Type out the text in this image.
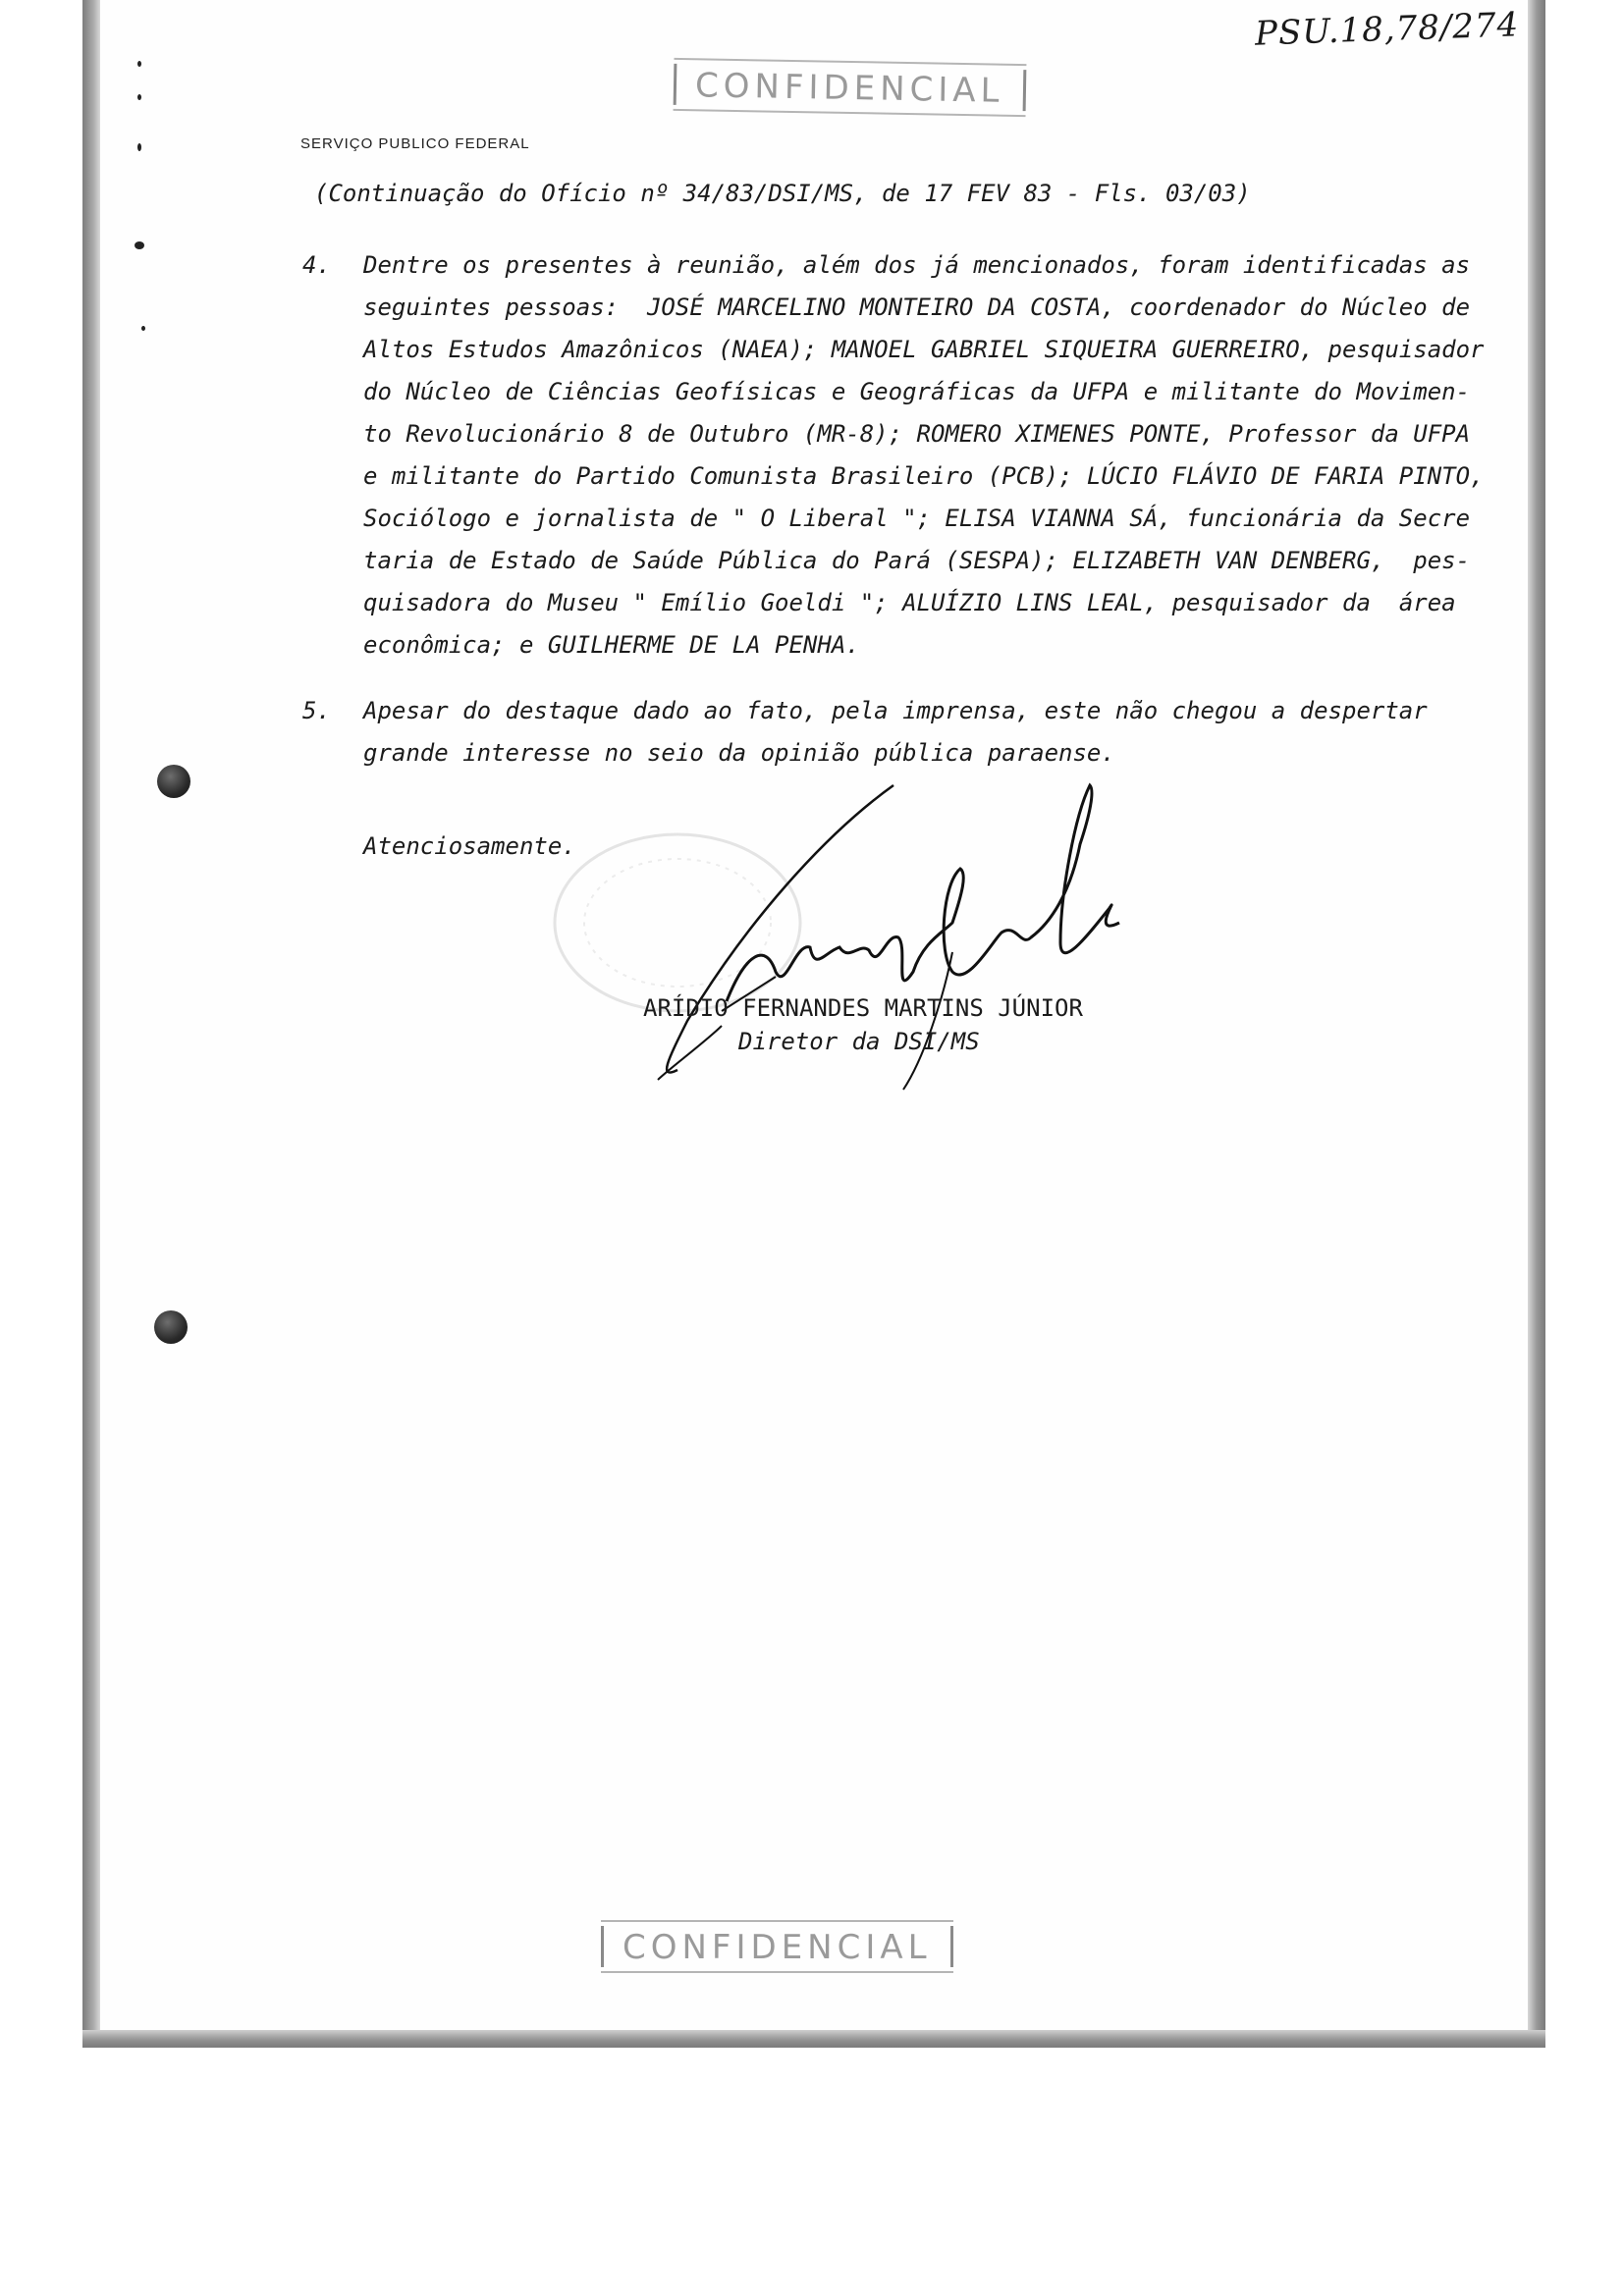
PSU.18,78/274
CONFIDENCIAL
SERVIÇO PUBLICO FEDERAL
(Continuação do Ofício nº 34/83/DSI/MS, de 17 FEV 83 - Fls. 03/03)

4.

Dentre os presentes à reunião, além dos já mencionados, foram identificadas as

seguintes pessoas:  JOSÉ MARCELINO MONTEIRO DA COSTA, coordenador do Núcleo de

Altos Estudos Amazônicos (NAEA); MANOEL GABRIEL SIQUEIRA GUERREIRO, pesquisador

do Núcleo de Ciências Geofísicas e Geográficas da UFPA e militante do Movimen-

to Revolucionário 8 de Outubro (MR-8); ROMERO XIMENES PONTE, Professor da UFPA

e militante do Partido Comunista Brasileiro (PCB); LÚCIO FLÁVIO DE FARIA PINTO,

Sociólogo e jornalista de " O Liberal "; ELISA VIANNA SÁ, funcionária da Secre

taria de Estado de Saúde Pública do Pará (SESPA); ELIZABETH VAN DENBERG,  pes-

quisadora do Museu " Emílio Goeldi "; ALUÍZIO LINS LEAL, pesquisador da  área

econômica; e GUILHERME DE LA PENHA.

5.

Apesar do destaque dado ao fato, pela imprensa, este não chegou a despertar

grande interesse no seio da opinião pública paraense.

Atenciosamente.
ARÍDIO FERNANDES MARTINS JÚNIOR
Diretor da DSI/MS
CONFIDENCIAL
